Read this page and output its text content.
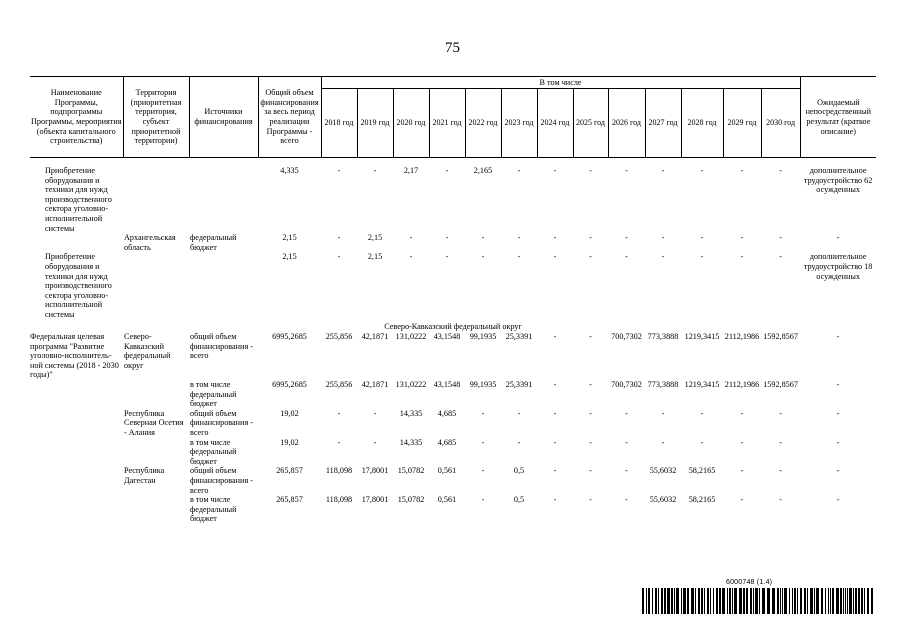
75
Наименование Программы, подпрограммы Программы, мероприятия (объекта капитального строительства)	Территория (приоритетная территория, субъект приоритетной территории)	Источники финансирования	Общий объем финансирования за весь период реализации Программы - всего	В том числе													Ожидаемый непосредственный результат (краткое описание)
				2018 год	2019 год	2020 год	2021 год	2022 год	2023 год	2024 год	2025 год	2026 год	2027 год	2028 год	2029 год	2030 год	

Приобретение оборудования и техники для нужд производственного сектора уголовно-исполнительной системы			4,335	-	-	2,17	-	2,165	-	-	-	-	-	-	-	-	дополнительное трудоустройство 62 осужденных
	Архангельская область	федеральный бюджет	2,15	-	2,15	-	-	-	-	-	-	-	-	-	-	-	-
Приобретение оборудования и техники для нужд производственного сектора уголовно-исполнительной системы			2,15	-	2,15	-	-	-	-	-	-	-	-	-	-	-	дополнительное трудоустройство 18 осужденных
Северо-Кавказский федеральный округ																	
Федеральная целевая программа "Развитие уголовно-исполнитель-ной системы (2018 - 2030 годы)"	Северо-Кавказский федеральный округ	общий объем финансирования - всего	6995,2685	255,856	42,1871	131,0222	43,1548	99,1935	25,3391	-	-	700,7302	773,3888	1219,3415	2112,1986	1592,8567	-
		в том числе федеральный бюджет	6995,2685	255,856	42,1871	131,0222	43,1548	99,1935	25,3391	-	-	700,7302	773,3888	1219,3415	2112,1986	1592,8567	-
	Республика Северная Осетия - Алания	общий объем финансирования - всего	19,02	-	-	14,335	4,685	-	-	-	-	-	-	-	-	-	-
		в том числе федеральный бюджет	19,02	-	-	14,335	4,685	-	-	-	-	-	-	-	-	-	-
	Республика Дагестан	общий объем финансирования - всего	265,857	118,098	17,8001	15,0782	0,561	-	0,5	-	-	-	55,6032	58,2165	-	-	-
		в том числе федеральный бюджет	265,857	118,098	17,8001	15,0782	0,561	-	0,5	-	-	-	55,6032	58,2165	-	-	-
6000748 (1.4)
